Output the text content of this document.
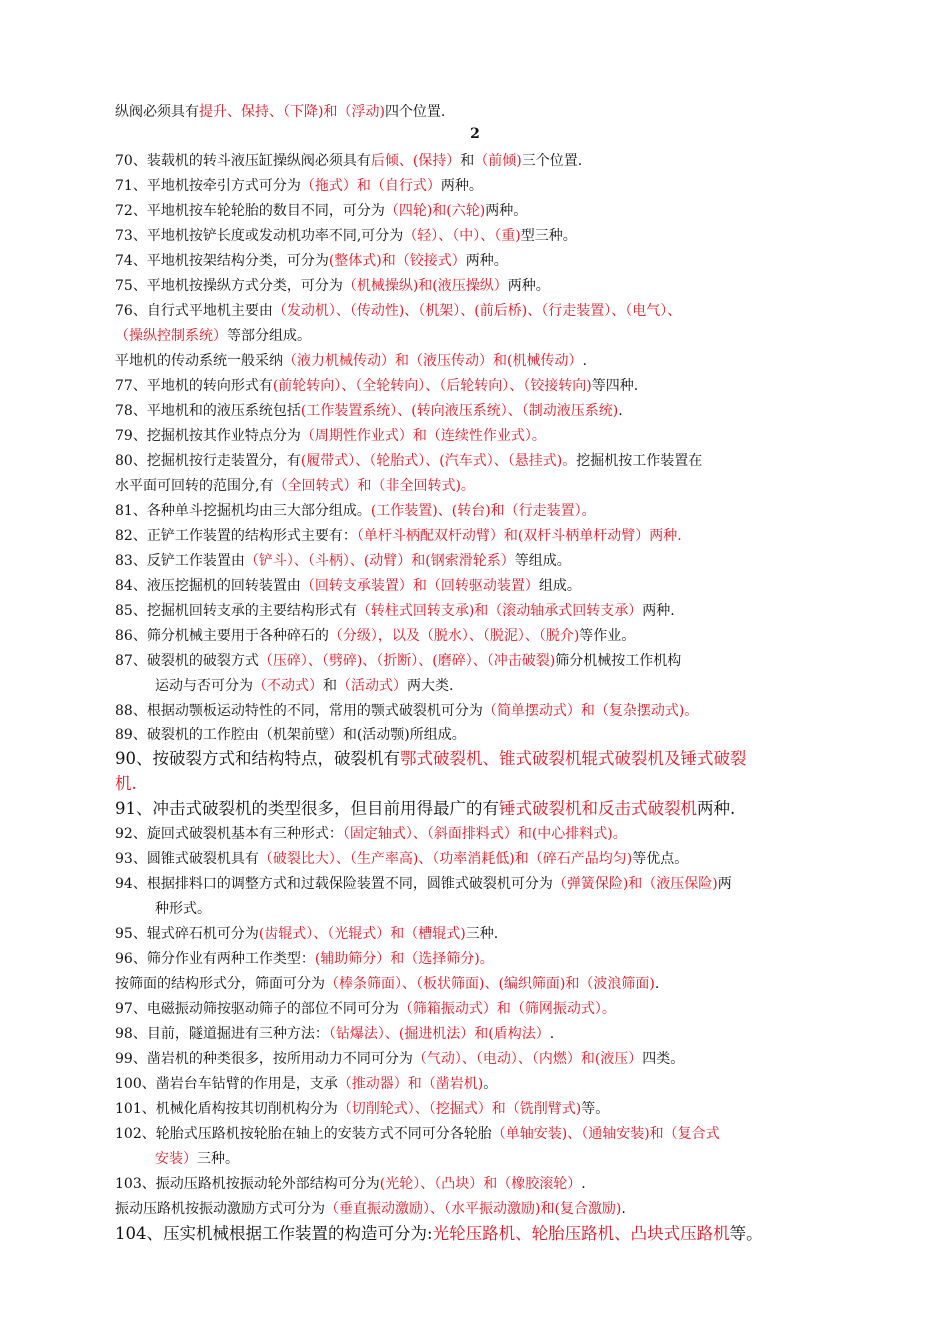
2
纵阀必须具有提升、保持、（下降)和（浮动)四个位置.
70、装载机的转斗液压缸操纵阀必须具有后倾、(保持）和（前倾)三个位置.
71、平地机按牵引方式可分为（拖式）和（自行式）两种。
72、平地机按车轮轮胎的数目不同，可分为（四轮)和(六轮)两种。
73、平地机按铲长度或发动机功率不同,可分为（轻）、（中）、（重)型三种。
74、平地机按架结构分类，可分为(整体式)和（铰接式）两种。
75、平地机按操纵方式分类，可分为（机械操纵)和(液压操纵）两种。
76、自行式平地机主要由（发动机）、（传动性)、（机架）、(前后桥)、（行走装置）、（电气）、
（操纵控制系统）等部分组成。
平地机的传动系统一般采纳（液力机械传动）和（液压传动）和(机械传动）.
77、平地机的转向形式有(前轮转向）、（全轮转向）、（后轮转向）、（铰接转向)等四种.
78、平地机和的液压系统包括(工作装置系统）、(转向液压系统）、（制动液压系统).
79、挖掘机按其作业特点分为（周期性作业式）和（连续性作业式）。
80、挖掘机按行走装置分，有(履带式）、（轮胎式）、(汽车式）、（悬挂式)。挖掘机按工作装置在
水平面可回转的范围分,有（全回转式）和（非全回转式)。
81、各种单斗挖掘机均由三大部分组成。(工作装置)、(转台)和（行走装置）。
82、正铲工作装置的结构形式主要有：（单杆斗柄配双杆动臂）和(双杆斗柄单杆动臂）两种.
83、反铲工作装置由（铲斗）、（斗柄）、(动臂）和(钢索滑轮系）等组成。
84、液压挖掘机的回转装置由（回转支承装置）和（回转驱动装置）组成。
85、挖掘机回转支承的主要结构形式有（转柱式回转支承)和（滚动轴承式回转支承）两种.
86、筛分机械主要用于各种碎石的（分级），以及（脱水）、（脱泥）、（脱介)等作业。
87、破裂机的破裂方式（压碎）、（劈碎)、（折断）、(磨碎）、（冲击破裂)筛分机械按工作机构
运动与否可分为（不动式）和（活动式）两大类.
88、根据动颚板运动特性的不同，常用的颚式破裂机可分为（简单摆动式）和（复杂摆动式)。
89、破裂机的工作腔由（机架前壁）和(活动颚)所组成。
90、按破裂方式和结构特点，破裂机有鄂式破裂机、锥式破裂机辊式破裂机及锤式破裂
机.
91、冲击式破裂机的类型很多，但目前用得最广的有锤式破裂机和反击式破裂机两种.
92、旋回式破裂机基本有三种形式：（固定轴式）、（斜面排料式）和(中心排料式)。
93、圆锥式破裂机具有（破裂比大）、（生产率高)、（功率消耗低)和（碎石产品均匀)等优点。
94、根据排料口的调整方式和过载保险装置不同，圆锥式破裂机可分为（弹簧保险)和（液压保险)两
种形式。
95、辊式碎石机可分为(齿辊式）、（光辊式）和（槽辊式)三种.
96、筛分作业有两种工作类型：(辅助筛分）和（选择筛分)。
按筛面的结构形式分，筛面可分为（棒条筛面）、（板状筛面)、(编织筛面)和（波浪筛面).
97、电磁振动筛按驱动筛子的部位不同可分为（筛箱振动式）和（筛网振动式）。
98、目前，隧道掘进有三种方法：（钻爆法）、(掘进机法）和(盾构法）.
99、凿岩机的种类很多，按所用动力不同可分为（气动）、（电动）、（内燃）和(液压）四类。
100、凿岩台车钻臂的作用是，支承（推动器）和（凿岩机)。
101、机械化盾构按其切削机构分为（切削轮式）、（挖掘式）和（铣削臂式)等。
102、轮胎式压路机按轮胎在轴上的安装方式不同可分各轮胎（单轴安装)、（通轴安装)和（复合式
安装）三种。
103、振动压路机按振动轮外部结构可分为(光轮）、（凸块）和（橡胶滚轮）.
振动压路机按振动激励方式可分为（垂直振动激励）、（水平振动激励)和(复合激励).
104、压实机械根据工作装置的构造可分为:光轮压路机、轮胎压路机、凸块式压路机等。
